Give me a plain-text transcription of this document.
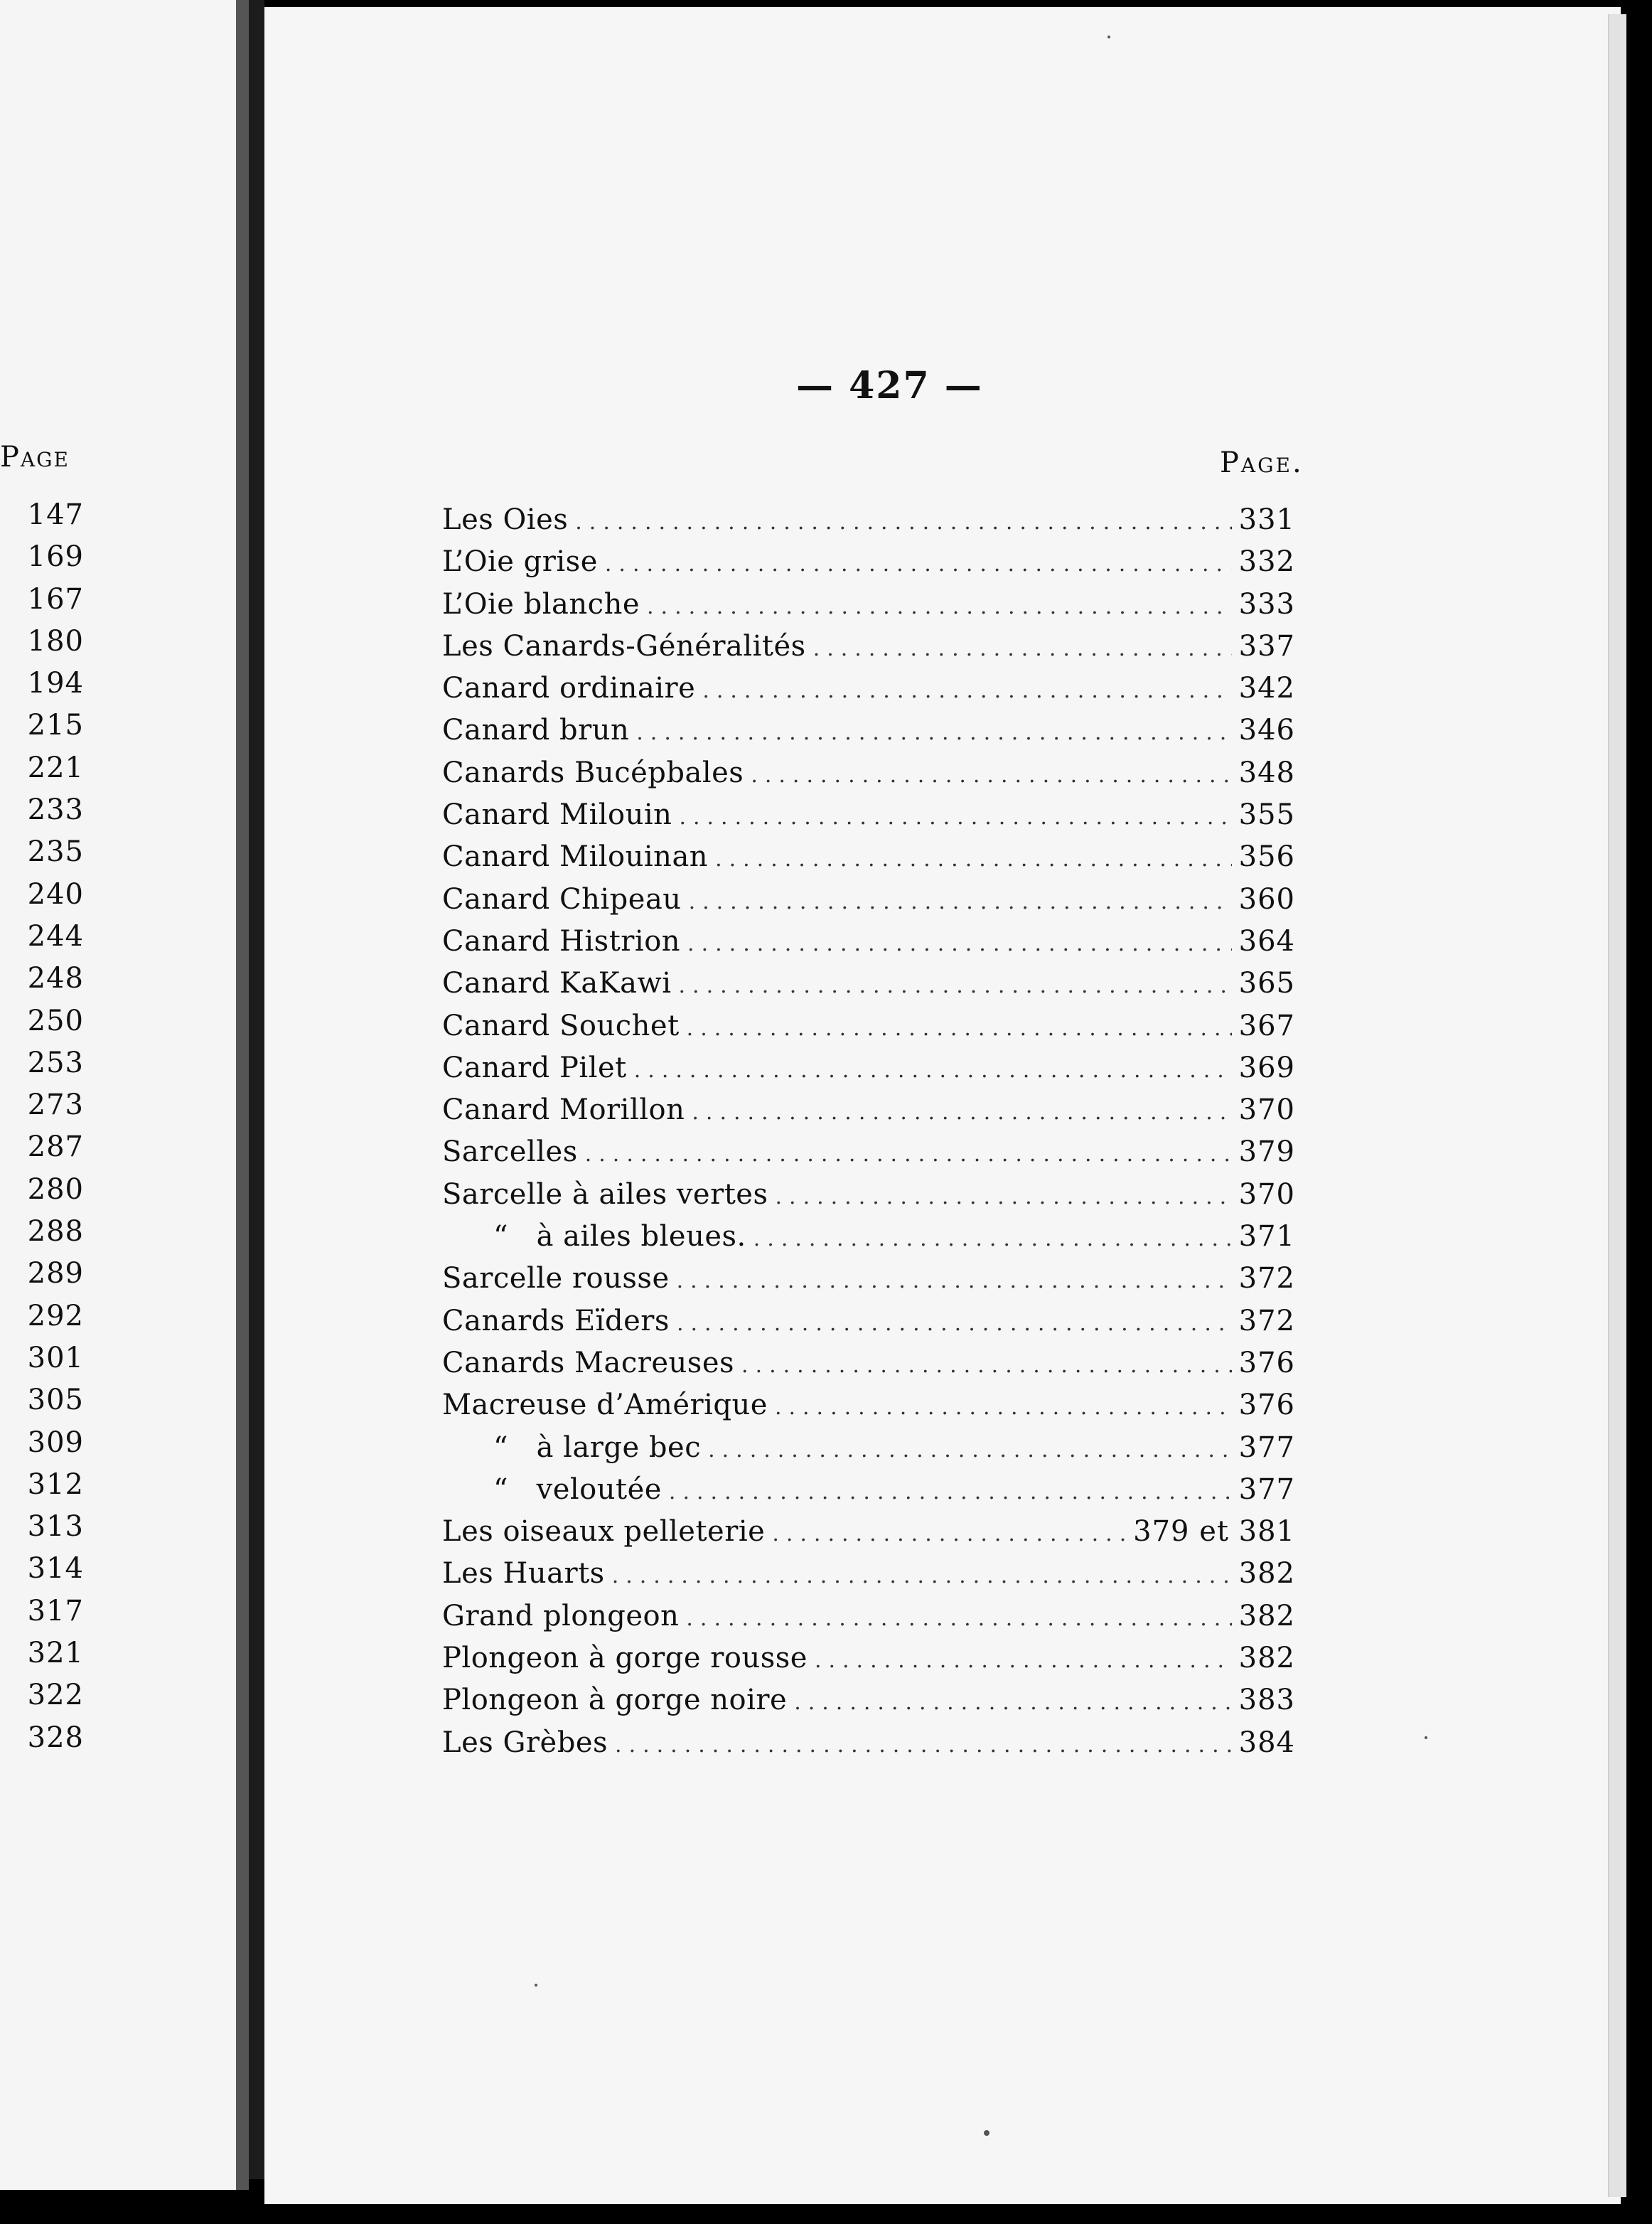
Page
147
169
167
180
194
215
221
233
235
240
244
248
250
253
273
287
280
288
289
292
301
305
309
312
313
314
317
321
322
328
— 427 —
Page.
Les Oies .....	331
L’Oie grise .....	332
L’Oie blanche .....	333
Les Canards-Généralités .....	337
Canard ordinaire .....	342
Canard brun .....	346
Canards Bucépbales .....	348
Canard Milouin .....	355
Canard Milouinan .....	356
Canard Chipeau .....	360
Canard Histrion .....	364
Canard KaKawi .....	365
Canard Souchet .....	367
Canard Pilet .....	369
Canard Morillon .....	370
Sarcelles .....	379
Sarcelle à ailes vertes .....	370
“   à ailes bleues. .....	371
Sarcelle rousse .....	372
Canards Eïders .....	372
Canards Macreuses .....	376
Macreuse d’Amérique .....	376
“   à large bec .....	377
“   veloutée .....	377
Les oiseaux pelleterie .....	379 et 381
Les Huarts .....	382
Grand plongeon .....	382
Plongeon à gorge rousse .....	382
Plongeon à gorge noire .....	383
Les Grèbes .....	384
